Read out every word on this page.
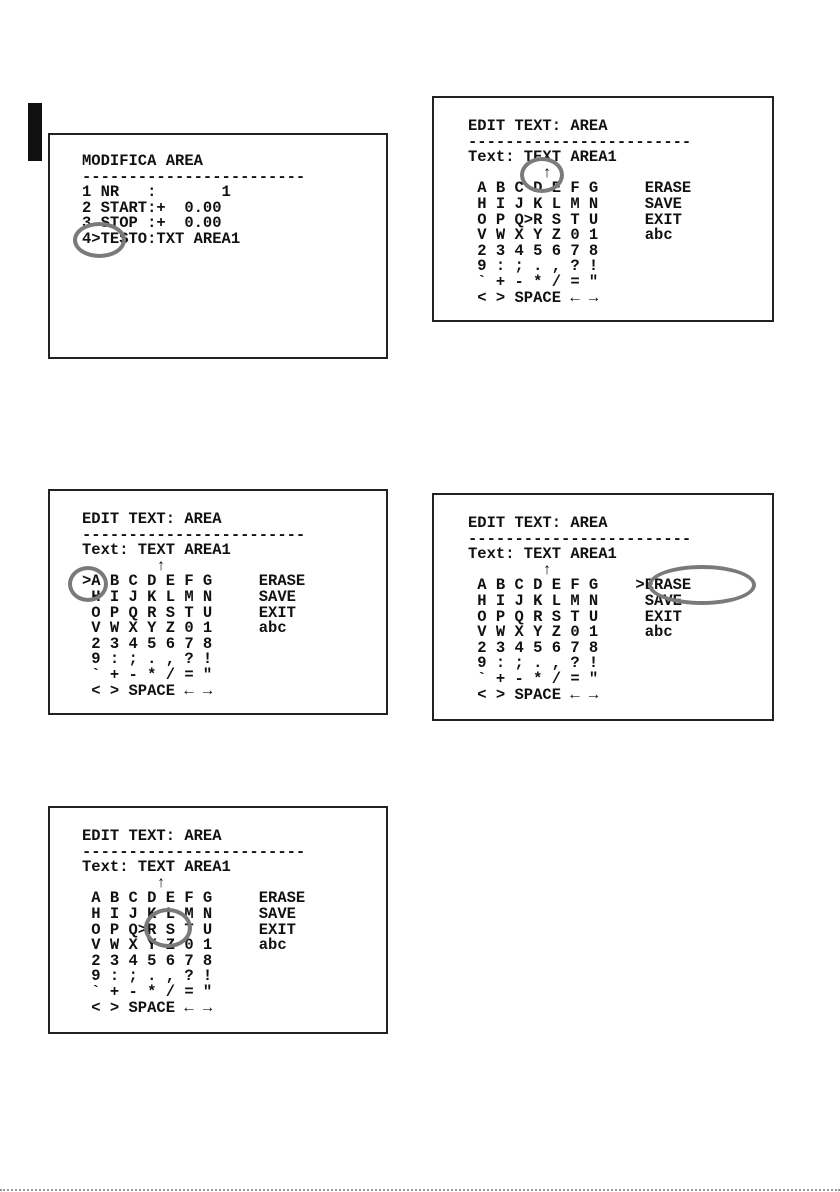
MODIFICA AREA
------------------------
1 NR   :       1
2 START:+  0.00
3 STOP :+  0.00
4>TESTO:TXT AREA1
EDIT TEXT: AREA
------------------------
Text: TEXT AREA1
↑
A B C D E F G     ERASE
H I J K L M N     SAVE
O P Q>R S T U     EXIT
V W X Y Z 0 1     abc
2 3 4 5 6 7 8
9 : ; . , ? !
` + - * / = "
< > SPACE ← →
EDIT TEXT: AREA
------------------------
Text: TEXT AREA1
↑
>A B C D E F G     ERASE
H I J K L M N     SAVE
O P Q R S T U     EXIT
V W X Y Z 0 1     abc
2 3 4 5 6 7 8
9 : ; . , ? !
` + - * / = "
< > SPACE ← →
EDIT TEXT: AREA
------------------------
Text: TEXT AREA1
↑
A B C D E F G    >ERASE
H I J K L M N     SAVE
O P Q R S T U     EXIT
V W X Y Z 0 1     abc
2 3 4 5 6 7 8
9 : ; . , ? !
` + - * / = "
< > SPACE ← →
EDIT TEXT: AREA
------------------------
Text: TEXT AREA1
↑
A B C D E F G     ERASE
H I J K L M N     SAVE
O P Q>R S T U     EXIT
V W X Y Z 0 1     abc
2 3 4 5 6 7 8
9 : ; . , ? !
` + - * / = "
< > SPACE ← →
